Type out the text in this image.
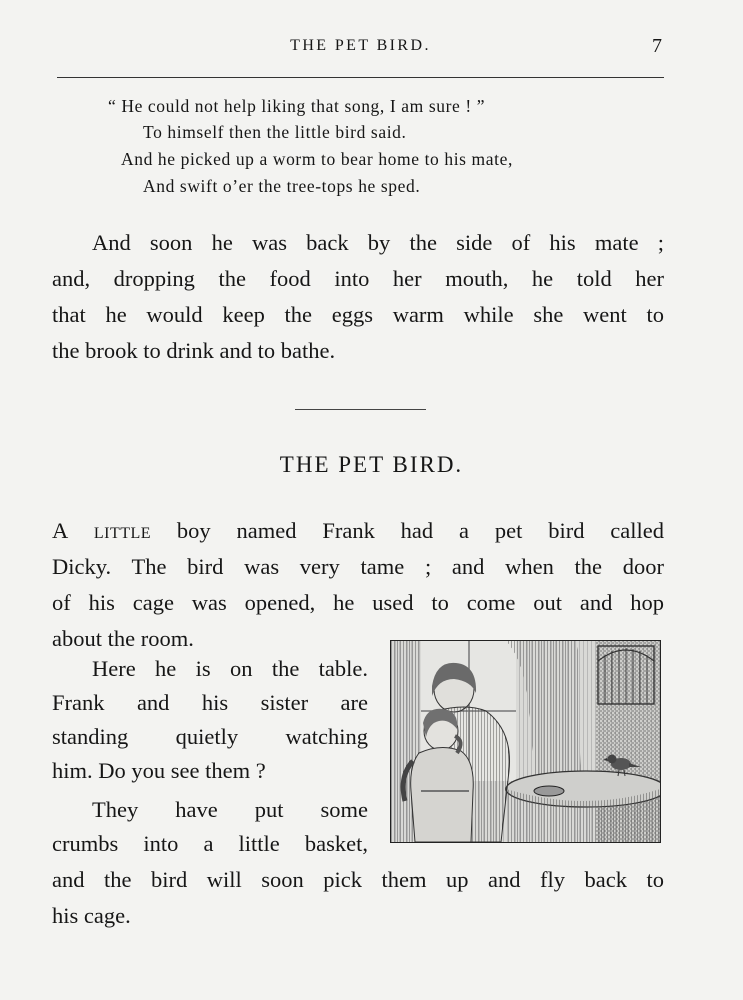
THE PET BIRD.	7
“ He could not help liking that song, I am sure ! ”
To himself then the little bird said.
And he picked up a worm to bear home to his mate,
And swift o’er the tree-tops he sped.
And soon he was back by the side of his mate ;
and, dropping the food into her mouth, he told her
that he would keep the eggs warm while she went to
the brook to drink and to bathe.
THE PET BIRD.
A little boy named Frank had a pet bird called
Dicky. The bird was very tame ; and when the door
of his cage was opened, he used to come out and hop
about the room.
Here he is on the table.
Frank and his sister are
standing quietly watching
him. Do you see them ?
They have put some
crumbs into a little basket,
and the bird will soon pick them up and fly back to
his cage.
